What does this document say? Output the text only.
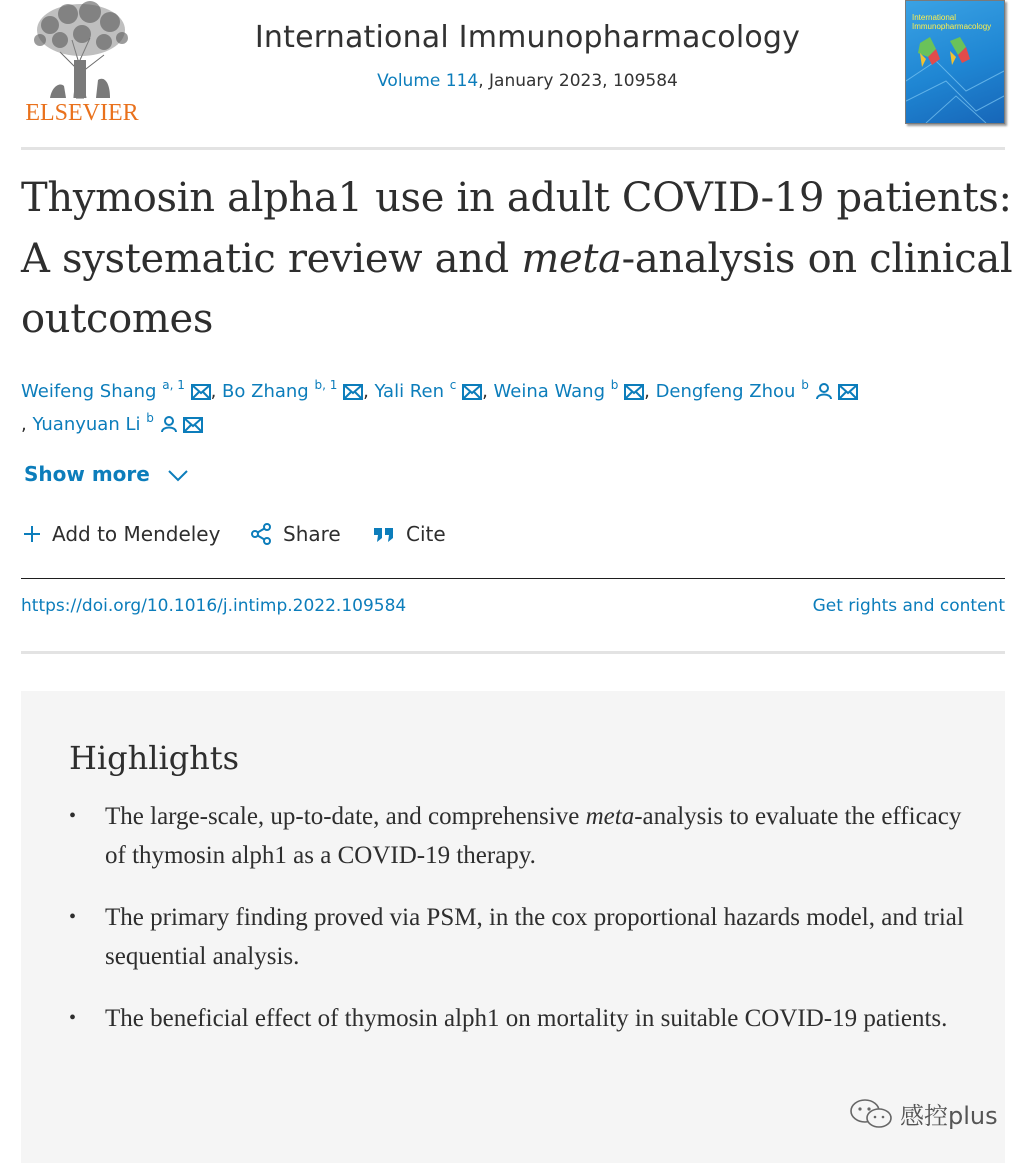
ELSEVIER
International Immunopharmacology
Volume 114, January 2023, 109584
International Immunopharmacology
Thymosin alpha1 use in adult COVID-19 patients: A systematic review and meta-analysis on clinical outcomes
Weifeng Shang $^{a, 1}$ , Bo Zhang $^{b, 1}$ , Yali Ren $^c$ , Weina Wang $^b$ , Dengfeng Zhou $^b$
, Yuanyuan Li $^b$
Show more
Add to Mendeley	Share	Cite
https://doi.org/10.1016/j.intimp.2022.109584	Get rights and content
Highlights
• The large-scale, up-to-date, and comprehensive meta-analysis to evaluate the efficacy of thymosin alph1 as a COVID-19 therapy.
• The primary finding proved via PSM, in the cox proportional hazards model, and trial sequential analysis.
• The beneficial effect of thymosin alph1 on mortality in suitable COVID-19 patients.
感控plus
